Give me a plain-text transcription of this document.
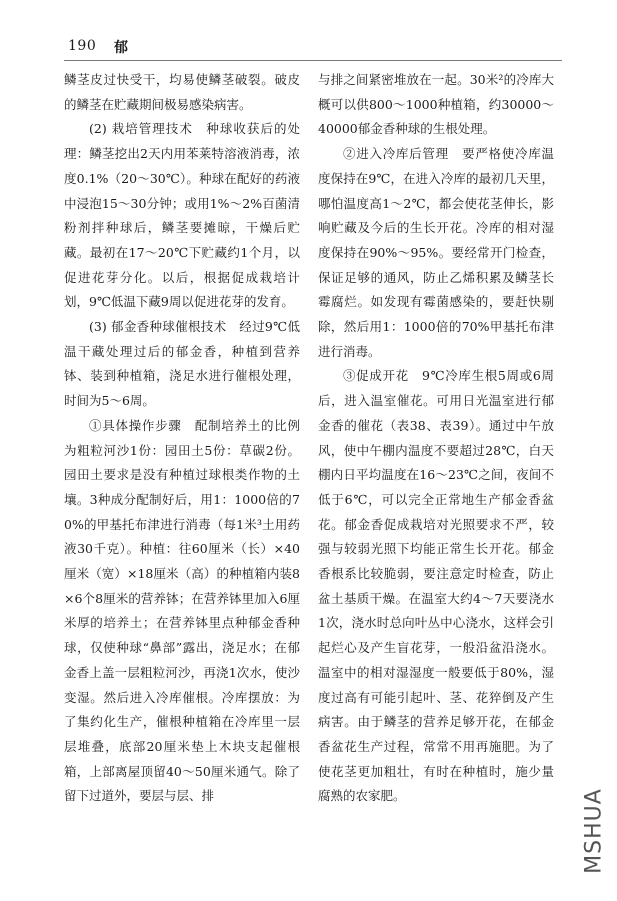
190 郁

鳞茎皮过快受干，均易使鳞茎破裂。破皮的鳞茎在贮藏期间极易感染病害。

(2) 栽培管理技术　种球收获后的处理：鳞茎挖出2天内用苯莱特溶液消毒，浓度0.1%（20～30℃）。种球在配好的药液中浸泡15～30分钟；或用1%～2%百菌清粉剂拌种球后，鳞茎要摊晾，干燥后贮藏。最初在17～20℃下贮藏约1个月，以促进花芽分化。以后，根据促成栽培计划，9℃低温下藏9周以促进花芽的发育。

(3) 郁金香种球催根技术　经过9℃低温干藏处理过后的郁金香，种植到营养钵、装到种植箱，浇足水进行催根处理，时间为5～6周。

①具体操作步骤　配制培养土的比例为粗粒河沙1份：园田土5份：草碳2份。园田土要求是没有种植过球根类作物的土壤。3种成分配制好后，用1：1000倍的70%的甲基托布津进行消毒（每1米³土用药液30千克）。种植：往60厘米（长）×40厘米（宽）×18厘米（高）的种植箱内装8×6个8厘米的营养钵；在营养钵里加入6厘米厚的培养土；在营养钵里点种郁金香种球，仅使种球“鼻部”露出，浇足水；在郁金香上盖一层粗粒河沙，再浇1次水，使沙变湿。然后进入冷库催根。冷库摆放：为了集约化生产，催根种植箱在冷库里一层层堆叠，底部20厘米垫上木块支起催根箱，上部离屋顶留40～50厘米通气。除了留下过道外，要层与层、排

与排之间紧密堆放在一起。30米²的冷库大概可以供800～1000种植箱，约30000～40000郁金香种球的生根处理。

②进入冷库后管理　要严格使冷库温度保持在9℃，在进入冷库的最初几天里，哪怕温度高1～2℃，都会使花茎伸长，影响贮藏及今后的生长开花。冷库的相对湿度保持在90%～95%。要经常开门检查，保证足够的通风，防止乙烯积累及鳞茎长霉腐烂。如发现有霉菌感染的，要赶快剔除，然后用1：1000倍的70%甲基托布津进行消毒。

③促成开花　9℃冷库生根5周或6周后，进入温室催花。可用日光温室进行郁金香的催花（表38、表39）。通过中午放风，使中午棚内温度不要超过28℃，白天棚内日平均温度在16～23℃之间，夜间不低于6℃，可以完全正常地生产郁金香盆花。郁金香促成栽培对光照要求不严，较强与较弱光照下均能正常生长开花。郁金香根系比较脆弱，要注意定时检查，防止盆土基质干燥。在温室大约4～7天要浇水1次，浇水时总向叶丛中心浇水，这样会引起烂心及产生盲花芽，一般沿盆沿浇水。温室中的相对湿湿度一般要低于80%，湿度过高有可能引起叶、茎、花猝倒及产生病害。由于鳞茎的营养足够开花，在郁金香盆花生产过程，常常不用再施肥。为了使花茎更加粗壮，有时在种植时，施少量腐熟的农家肥。	MSHUA
